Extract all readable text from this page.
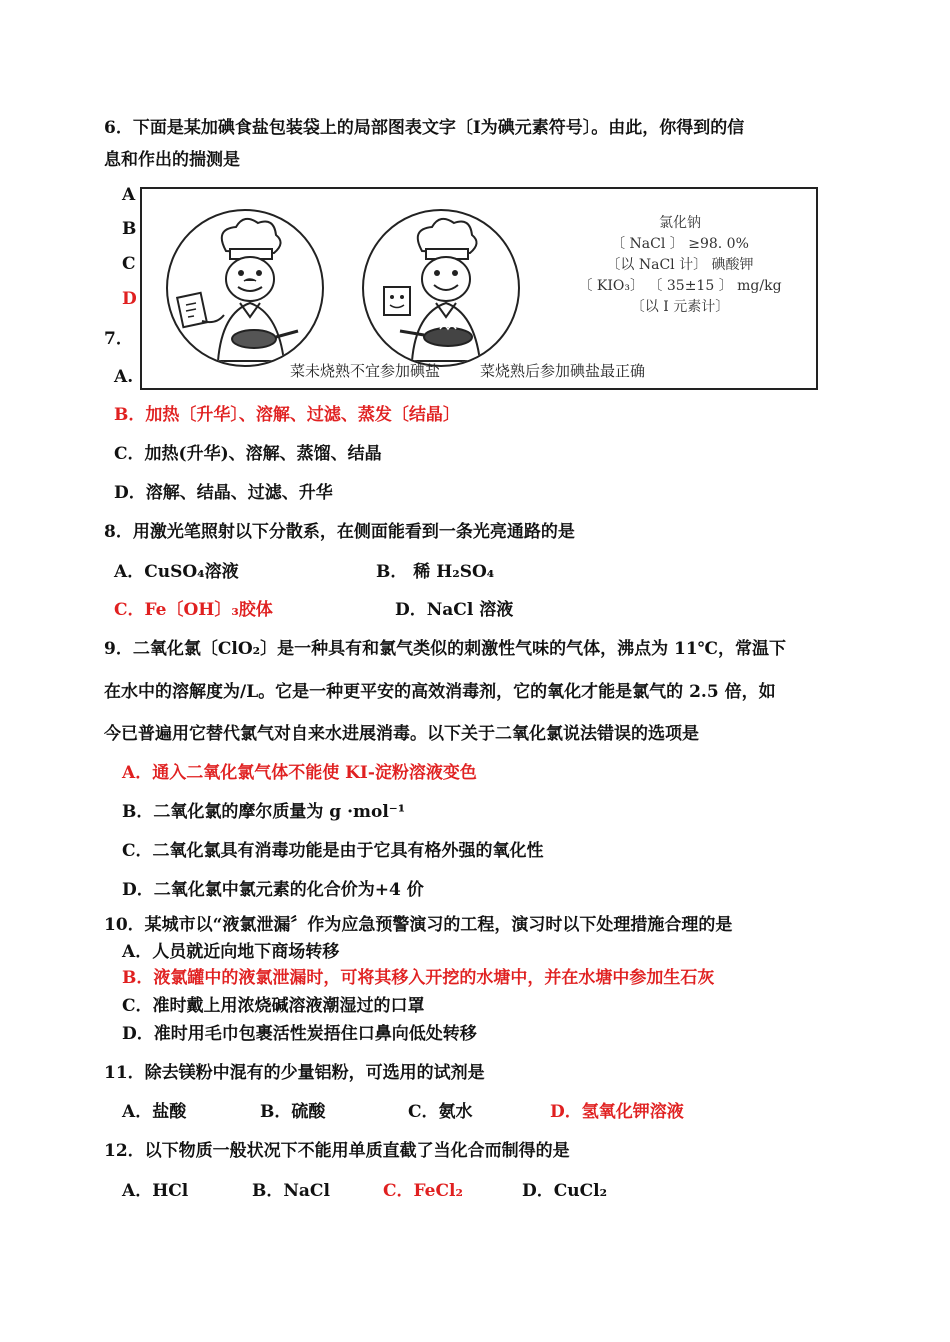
6．下面是某加碘食盐包装袋上的局部图表文字〔I为碘元素符号〕。由此，你得到的信
息和作出的揣测是
A
B
C
D
7．
A.
氯化钠
〔 NaCl 〕 ≥98. 0%
〔以 NaCl 计〕 碘酸钾
〔 KIO₃〕 〔 35±15 〕 mg/kg
〔以 I 元素计〕
菜未烧熟不宜参加碘盐	菜烧熟后参加碘盐最正确
B．加热〔升华〕、溶解、过滤、蒸发〔结晶〕
C．加热(升华)、溶解、蒸馏、结晶
D．溶解、结晶、过滤、升华
8．用激光笔照射以下分散系，在侧面能看到一条光亮通路的是
A．CuSO₄溶液	B． 稀 H₂SO₄
C．Fe〔OH〕₃胶体	D．NaCl 溶液
9．二氧化氯〔ClO₂〕是一种具有和氯气类似的刺激性气味的气体，沸点为 11℃，常温下
在水中的溶解度为/L。它是一种更平安的高效消毒剂，它的氧化才能是氯气的 2.5 倍，如
今已普遍用它替代氯气对自来水进展消毒。以下关于二氧化氯说法错误的选项是
A．通入二氧化氯气体不能使 KI-淀粉溶液变色
B．二氧化氯的摩尔质量为 g ·mol⁻¹
C．二氧化氯具有消毒功能是由于它具有格外强的氧化性
D．二氧化氯中氯元素的化合价为+4 价
10．某城市以“液氯泄漏〞作为应急预警演习的工程，演习时以下处理措施合理的是
A．人员就近向地下商场转移
B．液氯罐中的液氯泄漏时，可将其移入开挖的水塘中，并在水塘中参加生石灰
C．准时戴上用浓烧碱溶液潮湿过的口罩
D．准时用毛巾包裹活性炭捂住口鼻向低处转移
11．除去镁粉中混有的少量铝粉，可选用的试剂是
A．盐酸	B．硫酸	C．氨水	D．氢氧化钾溶液
12．以下物质一般状况下不能用单质直截了当化合而制得的是
A．HCl	B．NaCl	C．FeCl₂	D．CuCl₂
